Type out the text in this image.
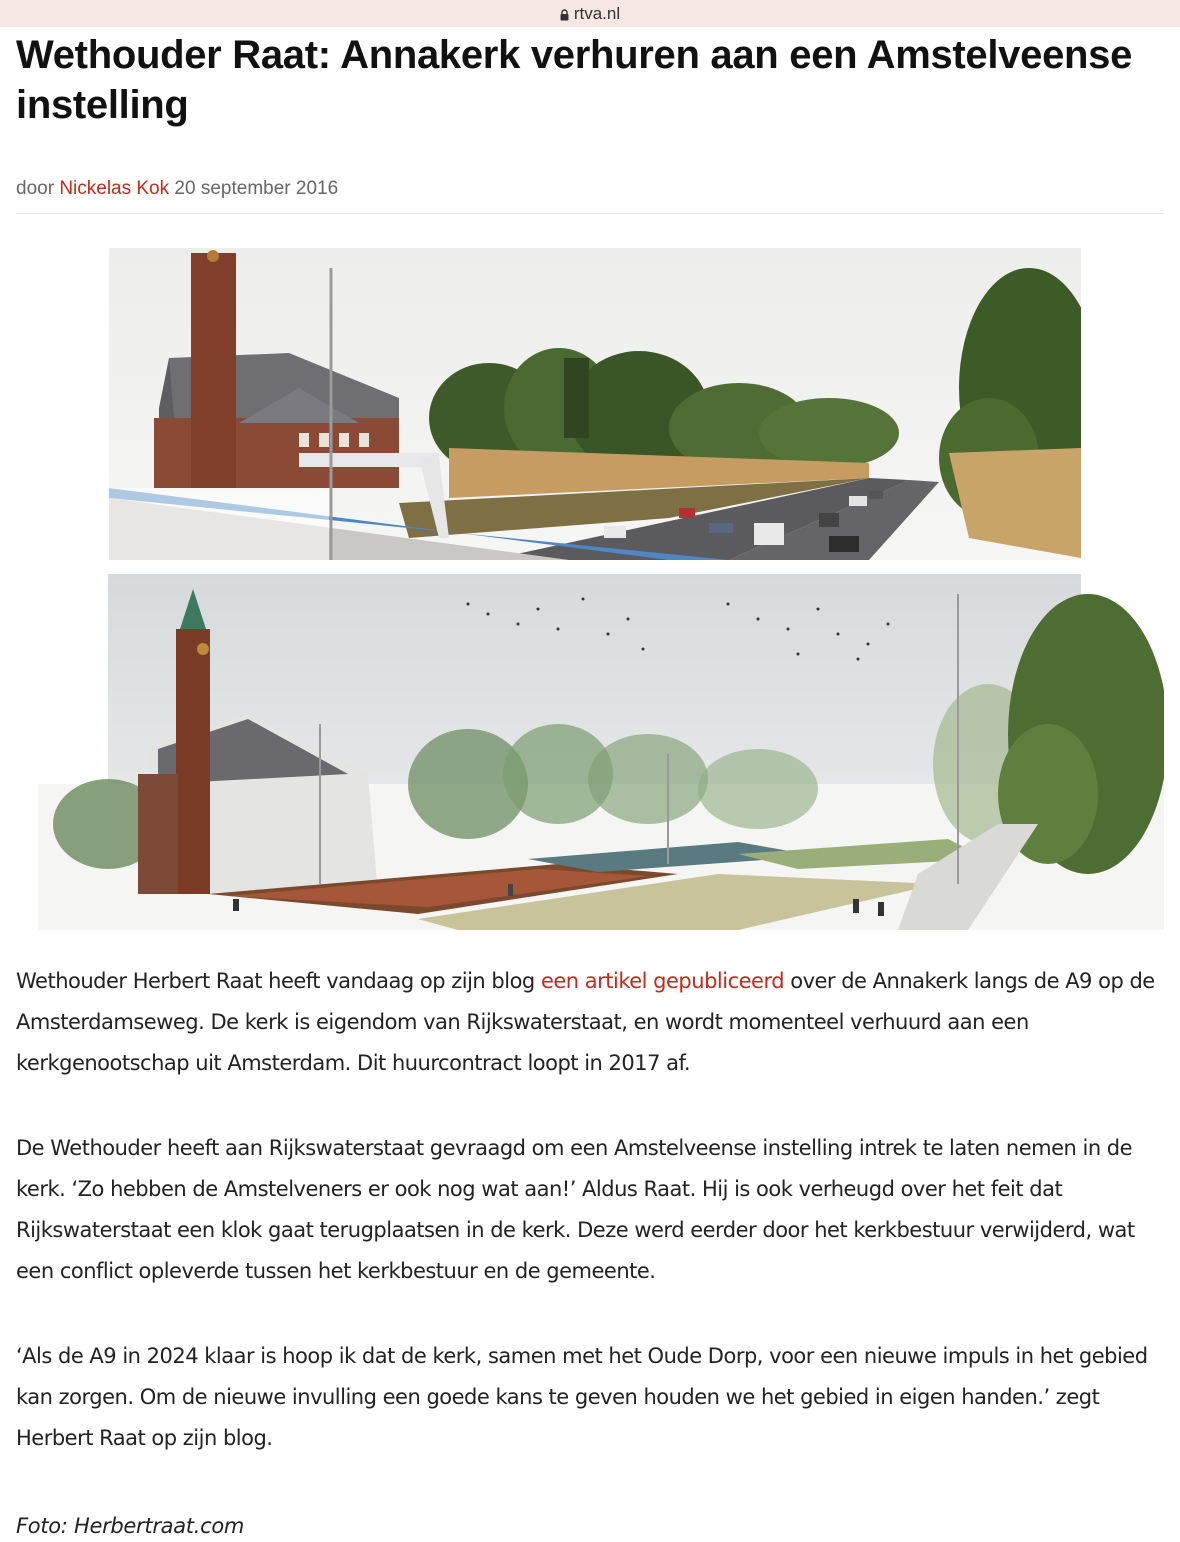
rtva.nl
Wethouder Raat: Annakerk verhuren aan een Amstelveense instelling
door Nickelas Kok 20 september 2016

Wethouder Herbert Raat heeft vandaag op zijn blog een artikel gepubliceerd over de Annakerk langs de A9 op de Amsterdamseweg. De kerk is eigendom van Rijkswaterstaat, en wordt momenteel verhuurd aan een kerkgenootschap uit Amsterdam. Dit huurcontract loopt in 2017 af.

De Wethouder heeft aan Rijkswaterstaat gevraagd om een Amstelveense instelling intrek te laten nemen in de kerk. ‘Zo hebben de Amstelveners er ook nog wat aan!’ Aldus Raat. Hij is ook verheugd over het feit dat Rijkswaterstaat een klok gaat terugplaatsen in de kerk. Deze werd eerder door het kerkbestuur verwijderd, wat een conflict opleverde tussen het kerkbestuur en de gemeente.

‘Als de A9 in 2024 klaar is hoop ik dat de kerk, samen met het Oude Dorp, voor een nieuwe impuls in het gebied kan zorgen. Om de nieuwe invulling een goede kans te geven houden we het gebied in eigen handen.’ zegt Herbert Raat op zijn blog.

Foto: Herbertraat.com
